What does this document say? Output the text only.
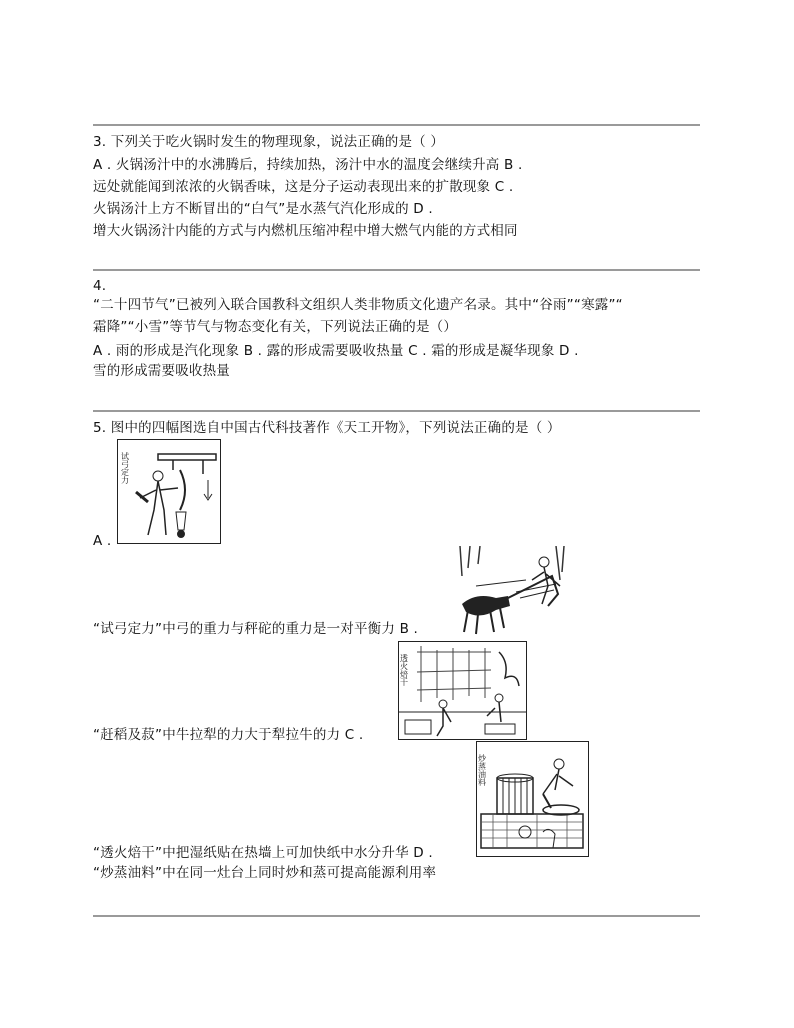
3. 下列关于吃火锅时发生的物理现象，说法正确的是（ ）
A . 火锅汤汁中的水沸腾后，持续加热，汤汁中水的温度会继续升高 B .
远处就能闻到浓浓的火锅香味，这是分子运动表现出来的扩散现象 C .
火锅汤汁上方不断冒出的“白气”是水蒸气汽化形成的 D .
增大火锅汤汁内能的方式与内燃机压缩冲程中增大燃气内能的方式相同
4.
“二十四节气”已被列入联合国教科文组织人类非物质文化遗产名录。其中“谷雨”“寒露”“
霜降”“小雪”等节气与物态变化有关，下列说法正确的是（）
A . 雨的形成是汽化现象 B . 露的形成需要吸收热量 C . 霜的形成是凝华现象 D .
雪的形成需要吸收热量
5. 图中的四幅图选自中国古代科技著作《天工开物》，下列说法正确的是（ ）
试弓定力
A .
“试弓定力”中弓的重力与秤砣的重力是一对平衡力 B .
透火焙干
“赶稻及菽”中牛拉犁的力大于犁拉牛的力 C .
炒蒸油料
“透火焙干”中把湿纸贴在热墙上可加快纸中水分升华 D .
“炒蒸油料”中在同一灶台上同时炒和蒸可提高能源利用率
